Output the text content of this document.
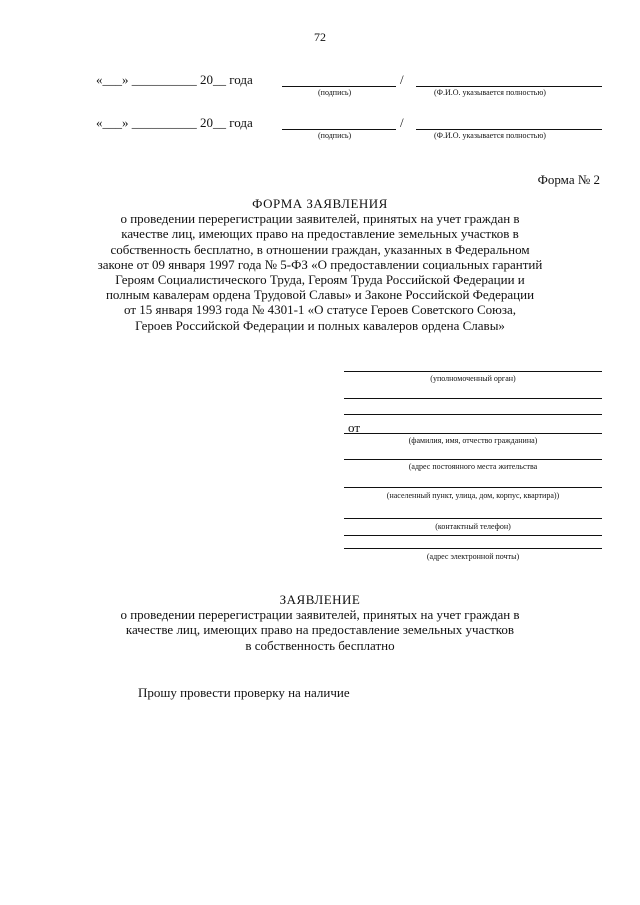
72
«___» __________ 20__ года	/
(подпись)	(Ф.И.О. указывается полностью)
«___» __________ 20__ года	/
(подпись)	(Ф.И.О. указывается полностью)
Форма № 2
ФОРМА ЗАЯВЛЕНИЯ
о проведении перерегистрации заявителей, принятых на учет граждан в
качестве лиц, имеющих право на предоставление земельных участков в
собственность бесплатно, в отношении граждан, указанных в Федеральном
законе от 09 января 1997 года № 5-ФЗ «О предоставлении социальных гарантий
Героям Социалистического Труда, Героям Труда Российской Федерации и
полным кавалерам ордена Трудовой Славы» и Законе Российской Федерации
от 15 января 1993 года № 4301-1 «О статусе Героев Советского Союза,
Героев Российской Федерации и полных кавалеров ордена Славы»
(уполномоченный орган)
от
(фамилия, имя, отчество гражданина)
(адрес постоянного места жительства
(населенный пункт, улица, дом, корпус, квартира))
(контактный телефон)
(адрес электронной почты)
ЗАЯВЛЕНИЕ
о проведении перерегистрации заявителей, принятых на учет граждан в
качестве лиц, имеющих право на предоставление земельных участков
в собственность бесплатно
Прошу провести проверку на наличие
